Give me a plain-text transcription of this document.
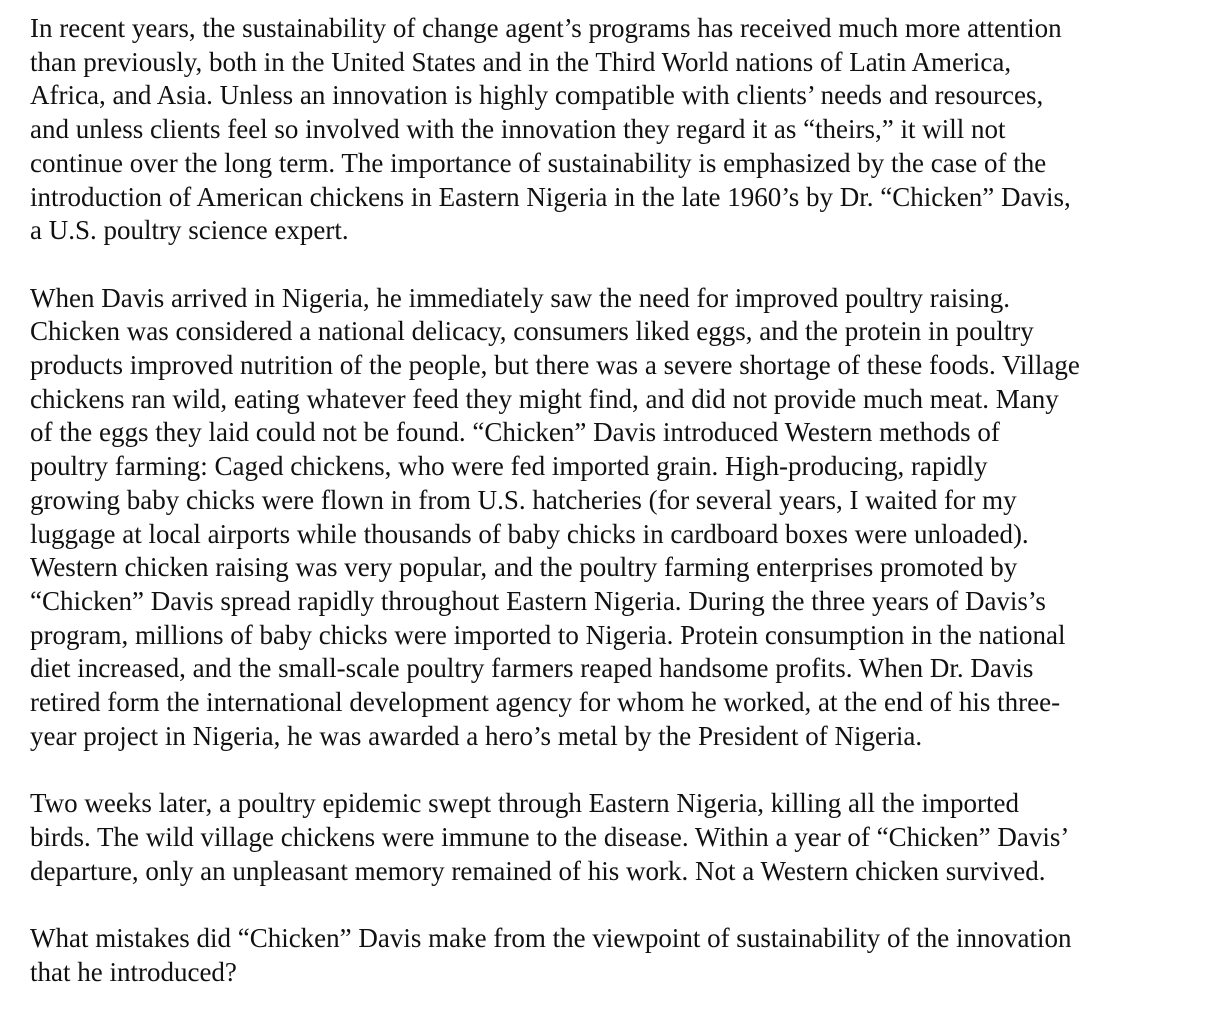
In recent years, the sustainability of change agent’s programs has received much more attention
than previously, both in the United States and in the Third World nations of Latin America,
Africa, and Asia. Unless an innovation is highly compatible with clients’ needs and resources,
and unless clients feel so involved with the innovation they regard it as “theirs,” it will not
continue over the long term. The importance of sustainability is emphasized by the case of the
introduction of American chickens in Eastern Nigeria in the late 1960’s by Dr. “Chicken” Davis,
a U.S. poultry science expert.

When Davis arrived in Nigeria, he immediately saw the need for improved poultry raising.
Chicken was considered a national delicacy, consumers liked eggs, and the protein in poultry
products improved nutrition of the people, but there was a severe shortage of these foods. Village
chickens ran wild, eating whatever feed they might find, and did not provide much meat. Many
of the eggs they laid could not be found. “Chicken” Davis introduced Western methods of
poultry farming: Caged chickens, who were fed imported grain. High-producing, rapidly
growing baby chicks were flown in from U.S. hatcheries (for several years, I waited for my
luggage at local airports while thousands of baby chicks in cardboard boxes were unloaded).
Western chicken raising was very popular, and the poultry farming enterprises promoted by
“Chicken” Davis spread rapidly throughout Eastern Nigeria. During the three years of Davis’s
program, millions of baby chicks were imported to Nigeria. Protein consumption in the national
diet increased, and the small-scale poultry farmers reaped handsome profits. When Dr. Davis
retired form the international development agency for whom he worked, at the end of his three-
year project in Nigeria, he was awarded a hero’s metal by the President of Nigeria.

Two weeks later, a poultry epidemic swept through Eastern Nigeria, killing all the imported
birds. The wild village chickens were immune to the disease. Within a year of “Chicken” Davis’
departure, only an unpleasant memory remained of his work. Not a Western chicken survived.

What mistakes did “Chicken” Davis make from the viewpoint of sustainability of the innovation
that he introduced?
